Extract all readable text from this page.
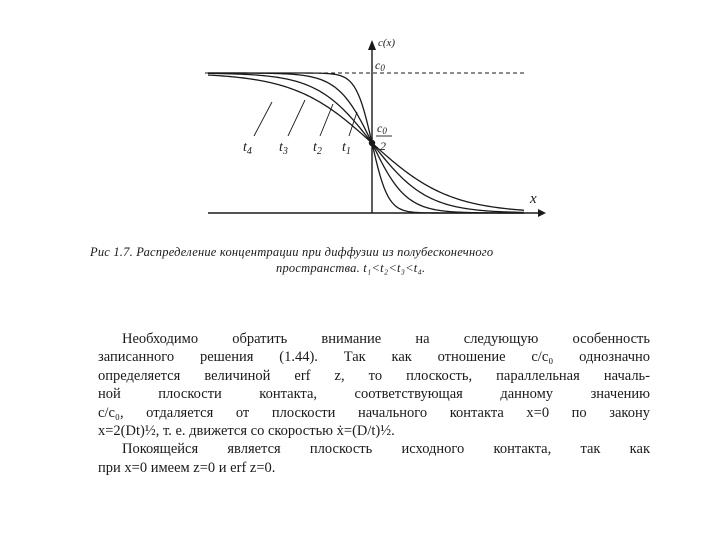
c(x)
x
c0
c0
2
$t_4$ $t_3$ $t_2$ $t_1$
Рис 1.7. Распределение концентрации при диффузии из полубесконечного
пространства. t₁<t₂<t₃<t₄.

Необходимо обратить внимание на следующую особенность записанного решения (1.44). Так как отношение c/c₀ однозначно определяется величиной erf z, то плоскость, параллельная началь- ной плоскости контакта, соответствующая данному значению c/c₀, отдаляется от плоскости начального контакта x=0 по закону x=2(Dt)½, т. е. движется со скоростью ẋ=(D/t)½.

Покоящейся является плоскость исходного контакта, так как при x=0 имеем z=0 и erf z=0.
